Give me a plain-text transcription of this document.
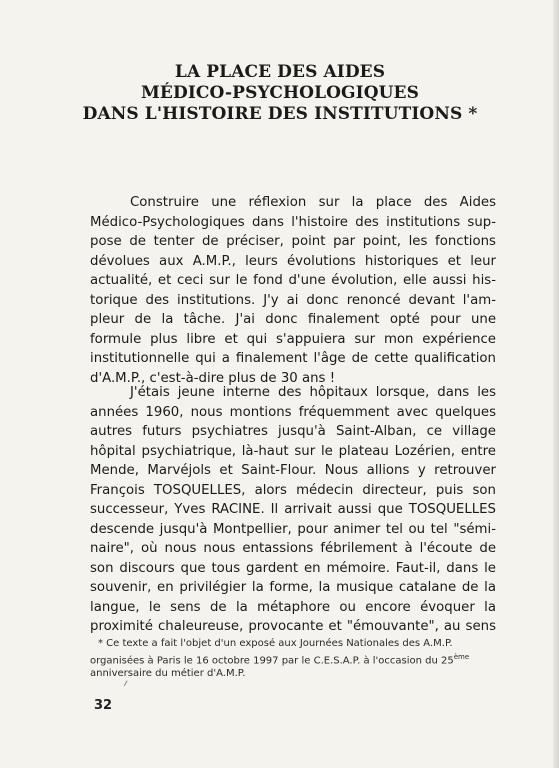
LA PLACE DES AIDES
MÉDICO-PSYCHOLOGIQUES
DANS L'HISTOIRE DES INSTITUTIONS *
Construire une réflexion sur la place des Aides
Médico-Psychologiques dans l'histoire des institutions sup-
pose de tenter de préciser, point par point, les fonctions
dévolues aux A.M.P., leurs évolutions historiques et leur
actualité, et ceci sur le fond d'une évolution, elle aussi his-
torique des institutions. J'y ai donc renoncé devant l'am-
pleur de la tâche. J'ai donc finalement opté pour une
formule plus libre et qui s'appuiera sur mon expérience
institutionnelle qui a finalement l'âge de cette qualification
d'A.M.P., c'est-à-dire plus de 30 ans !
J'étais jeune interne des hôpitaux lorsque, dans les
années 1960, nous montions fréquemment avec quelques
autres futurs psychiatres jusqu'à Saint-Alban, ce village
hôpital psychiatrique, là-haut sur le plateau Lozérien, entre
Mende, Marvéjols et Saint-Flour. Nous allions y retrouver
François TOSQUELLES, alors médecin directeur, puis son
successeur, Yves RACINE. Il arrivait aussi que TOSQUELLES
descende jusqu'à Montpellier, pour animer tel ou tel "sémi-
naire", où nous nous entassions fébrilement à l'écoute de
son discours que tous gardent en mémoire. Faut-il, dans le
souvenir, en privilégier la forme, la musique catalane de la
langue, le sens de la métaphore ou encore évoquer la
proximité chaleureuse, provocante et "émouvante", au sens
* Ce texte a fait l'objet d'un exposé aux Journées Nationales des A.M.P.
organisées à Paris le 16 octobre 1997 par le C.E.S.A.P. à l'occasion du 25ème
anniversaire du métier d'A.M.P.
32
